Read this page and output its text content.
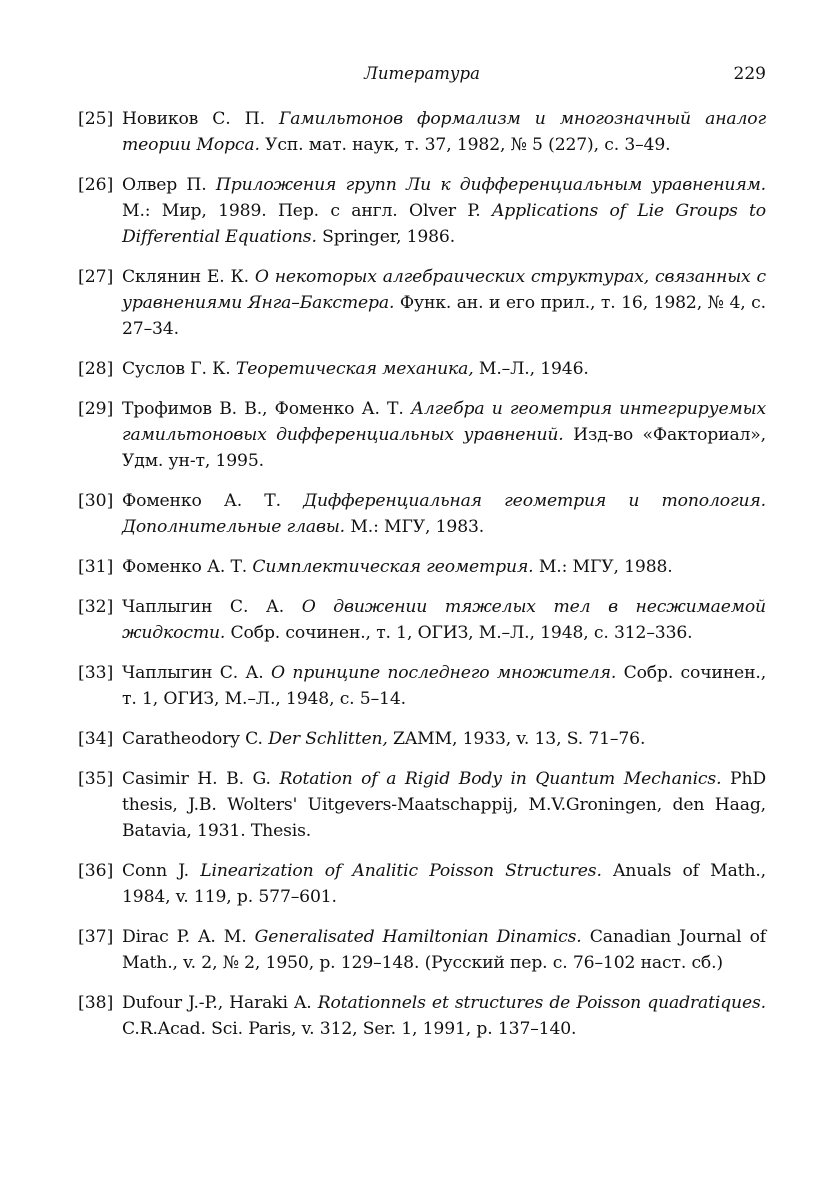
Литература	229
[25] Новиков С. П. Гамильтонов формализм и многозначный аналог теории Морса. Усп. мат. наук, т. 37, 1982, № 5 (227), с. 3–49.
[26] Олвер П. Приложения групп Ли к дифференциальным уравнениям. М.: Мир, 1989. Пер. с англ. Olver P. Applications of Lie Groups to Differential Equations. Springer, 1986.
[27] Склянин Е. К. О некоторых алгебраических структурах, связанных с уравнениями Янга–Бакстера. Функ. ан. и его прил., т. 16, 1982, № 4, с. 27–34.
[28] Суслов Г. К. Теоретическая механика, М.–Л., 1946.
[29] Трофимов В. В., Фоменко А. Т. Алгебра и геометрия интегрируемых гамильтоновых дифференциальных уравнений. Изд-во «Факториал», Удм. ун-т, 1995.
[30] Фоменко А. Т. Дифференциальная геометрия и топология. Дополнительные главы. М.: МГУ, 1983.
[31] Фоменко А. Т. Симплектическая геометрия. М.: МГУ, 1988.
[32] Чаплыгин С. А. О движении тяжелых тел в несжимаемой жидкости. Собр. сочинен., т. 1, ОГИЗ, М.–Л., 1948, с. 312–336.
[33] Чаплыгин С. А. О принципе последнего множителя. Собр. сочинен., т. 1, ОГИЗ, М.–Л., 1948, с. 5–14.
[34] Caratheodory C. Der Schlitten, ZAMM, 1933, v. 13, S. 71–76.
[35] Casimir H. B. G. Rotation of a Rigid Body in Quantum Mechanics. PhD thesis, J.B. Wolters' Uitgevers-Maatschappij, M.V.Groningen, den Haag, Batavia, 1931. Thesis.
[36] Conn J. Linearization of Analitic Poisson Structures. Anuals of Math., 1984, v. 119, p. 577–601.
[37] Dirac P. A. M. Generalisated Hamiltonian Dinamics. Canadian Journal of Math., v. 2, № 2, 1950, p. 129–148. (Русский пер. с. 76–102 наст. сб.)
[38] Dufour J.-P., Haraki A. Rotationnels et structures de Poisson quadratiques. C.R.Acad. Sci. Paris, v. 312, Ser. 1, 1991, p. 137–140.
